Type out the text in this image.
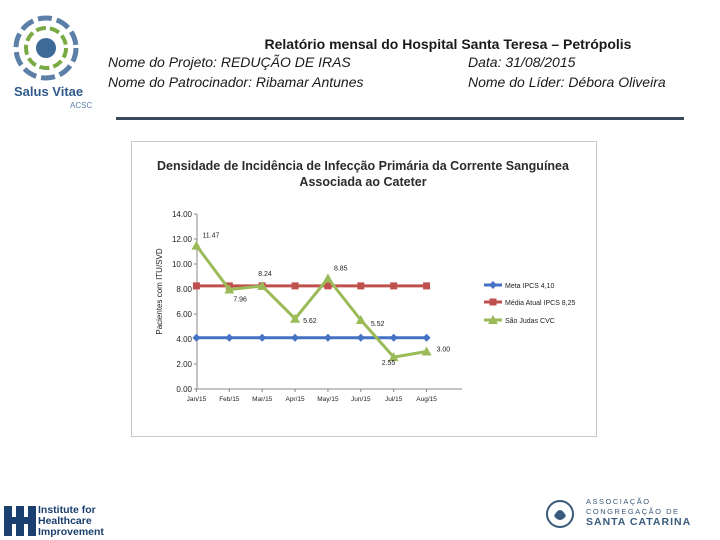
Salus Vitae
ACSC
Relatório mensal do Hospital Santa Teresa – Petrópolis
Nome do Projeto: REDUÇÃO DE IRAS	Data: 31/08/2015
Nome do Patrocinador: Ribamar Antunes	Nome do Líder: Débora Oliveira
Densidade de Incidência de Infecção Primária da Corrente Sanguínea Associada ao Cateter
0.00
2.00
4.00
6.00
8.00
10.00
12.00
14.00
Jan/15 Feb/15 Mar/15 Apr/15 May/15 Jun/15 Jul/15 Aug/15
Pacientes com ITU/SVD
11.47
7.96
8.24
5.62
8.85
5.52
2.55
3.00
Meta IPCS 4,10
Média Atual IPCS 8,25
São Judas CVC
Institute for
Healthcare
Improvement
ASSOCIAÇÃO
CONGREGAÇÃO DE
SANTA CATARINA
